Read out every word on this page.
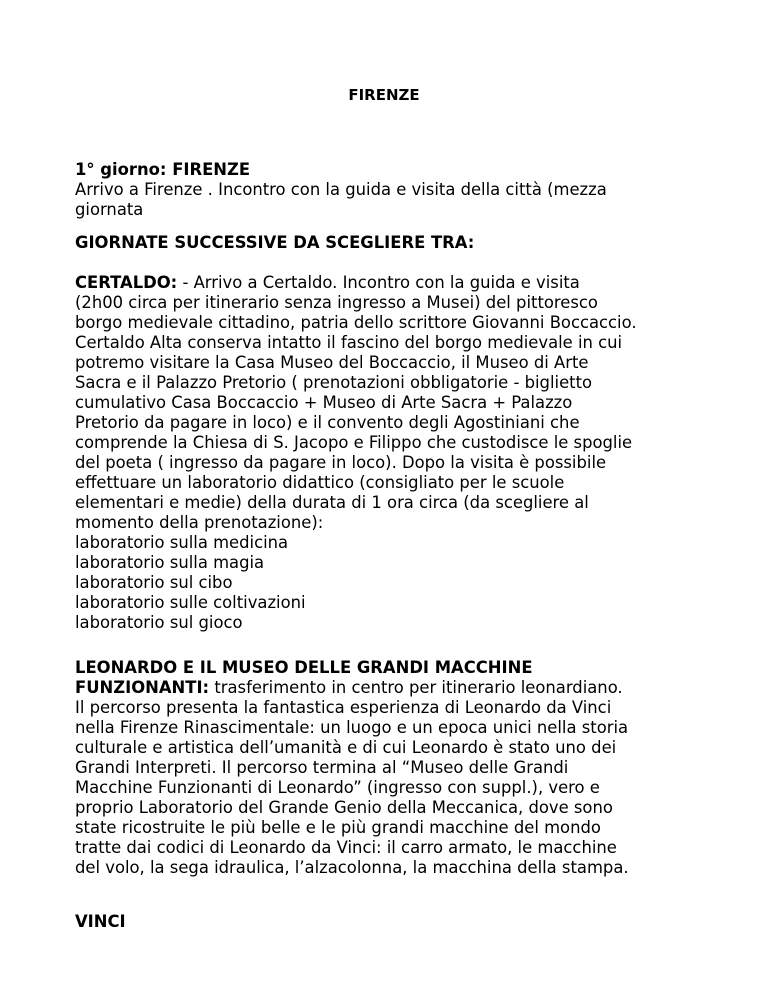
FIRENZE

1° giorno: FIRENZE
Arrivo a Firenze . Incontro con la guida e visita della città (mezza
giornata
GIORNATE SUCCESSIVE DA SCEGLIERE TRA:
CERTALDO: - Arrivo a Certaldo. Incontro con la guida e visita
(2h00 circa per itinerario senza ingresso a Musei) del pittoresco
borgo medievale cittadino, patria dello scrittore Giovanni Boccaccio.
Certaldo Alta conserva intatto il fascino del borgo medievale in cui
potremo visitare la Casa Museo del Boccaccio, il Museo di Arte
Sacra e il Palazzo Pretorio ( prenotazioni obbligatorie - biglietto
cumulativo Casa Boccaccio + Museo di Arte Sacra + Palazzo
Pretorio da pagare in loco) e il convento degli Agostiniani che
comprende la Chiesa di S. Jacopo e Filippo che custodisce le spoglie
del poeta ( ingresso da pagare in loco). Dopo la visita è possibile
effettuare un laboratorio didattico (consigliato per le scuole
elementari e medie) della durata di 1 ora circa (da scegliere al
momento della prenotazione):
laboratorio sulla medicina
laboratorio sulla magia
laboratorio sul cibo
laboratorio sulle coltivazioni
laboratorio sul gioco
LEONARDO E IL MUSEO DELLE GRANDI MACCHINE
FUNZIONANTI: trasferimento in centro per itinerario leonardiano.
Il percorso presenta la fantastica esperienza di Leonardo da Vinci
nella Firenze Rinascimentale: un luogo e un epoca unici nella storia
culturale e artistica dell’umanità e di cui Leonardo è stato uno dei
Grandi Interpreti. Il percorso termina al “Museo delle Grandi
Macchine Funzionanti di Leonardo” (ingresso con suppl.), vero e
proprio Laboratorio del Grande Genio della Meccanica, dove sono
state ricostruite le più belle e le più grandi macchine del mondo
tratte dai codici di Leonardo da Vinci: il carro armato, le macchine
del volo, la sega idraulica, l’alzacolonna, la macchina della stampa.
VINCI
